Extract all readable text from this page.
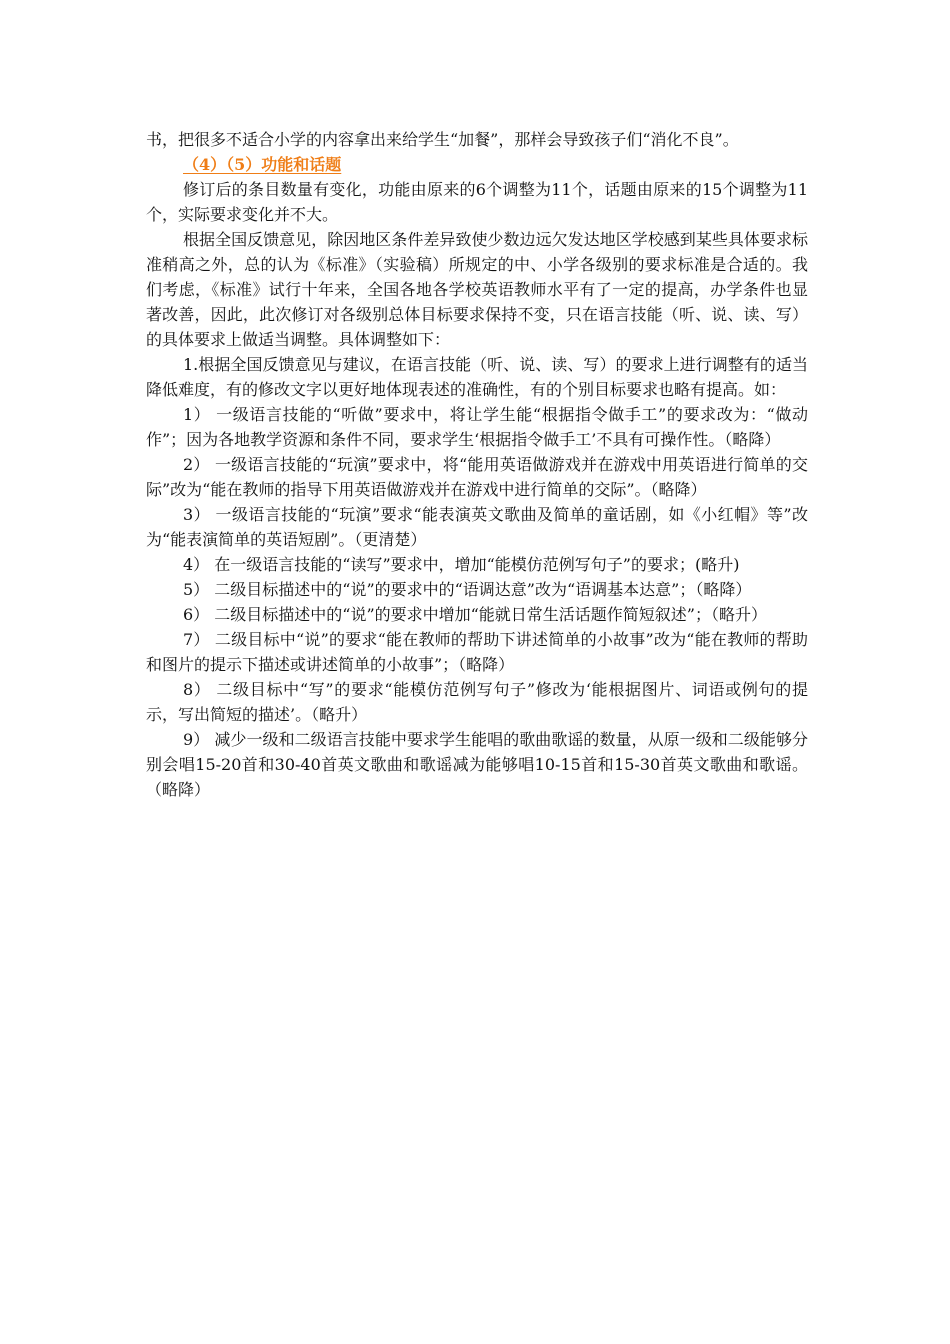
书，把很多不适合小学的内容拿出来给学生“加餐”，那样会导致孩子们“消化不良”。

（4）（5）功能和话题

修订后的条目数量有变化，功能由原来的6个调整为11个，话题由原来的15个调整为11个，实际要求变化并不大。

根据全国反馈意见，除因地区条件差异致使少数边远欠发达地区学校感到某些具体要求标准稍高之外，总的认为《标准》（实验稿）所规定的中、小学各级别的要求标准是合适的。我们考虑，《标准》试行十年来，全国各地各学校英语教师水平有了一定的提高，办学条件也显著改善，因此，此次修订对各级别总体目标要求保持不变，只在语言技能（听、说、读、写）的具体要求上做适当调整。具体调整如下：

1.根据全国反馈意见与建议，在语言技能（听、说、读、写）的要求上进行调整有的适当降低难度，有的修改文字以更好地体现表述的准确性，有的个别目标要求也略有提高。如：

1） 一级语言技能的“听做”要求中，将让学生能“根据指令做手工”的要求改为：“做动作”；因为各地教学资源和条件不同，要求学生‘根据指令做手工’不具有可操作性。（略降）

2） 一级语言技能的“玩演”要求中，将“能用英语做游戏并在游戏中用英语进行简单的交际”改为“能在教师的指导下用英语做游戏并在游戏中进行简单的交际”。（略降）

3） 一级语言技能的“玩演”要求“能表演英文歌曲及简单的童话剧，如《小红帽》等”改为“能表演简单的英语短剧”。（更清楚）

4） 在一级语言技能的“读写”要求中，增加“能模仿范例写句子”的要求；(略升)

5） 二级目标描述中的“说”的要求中的“语调达意”改为“语调基本达意”；（略降）

6） 二级目标描述中的“说”的要求中增加“能就日常生活话题作简短叙述”；（略升）

7） 二级目标中“说”的要求“能在教师的帮助下讲述简单的小故事”改为“能在教师的帮助和图片的提示下描述或讲述简单的小故事”；（略降）

8） 二级目标中“写”的要求“能模仿范例写句子”修改为‘能根据图片、词语或例句的提示，写出简短的描述’。（略升）

9） 减少一级和二级语言技能中要求学生能唱的歌曲歌谣的数量，从原一级和二级能够分别会唱15-20首和30-40首英文歌曲和歌谣减为能够唱10-15首和15-30首英文歌曲和歌谣。（略降）
